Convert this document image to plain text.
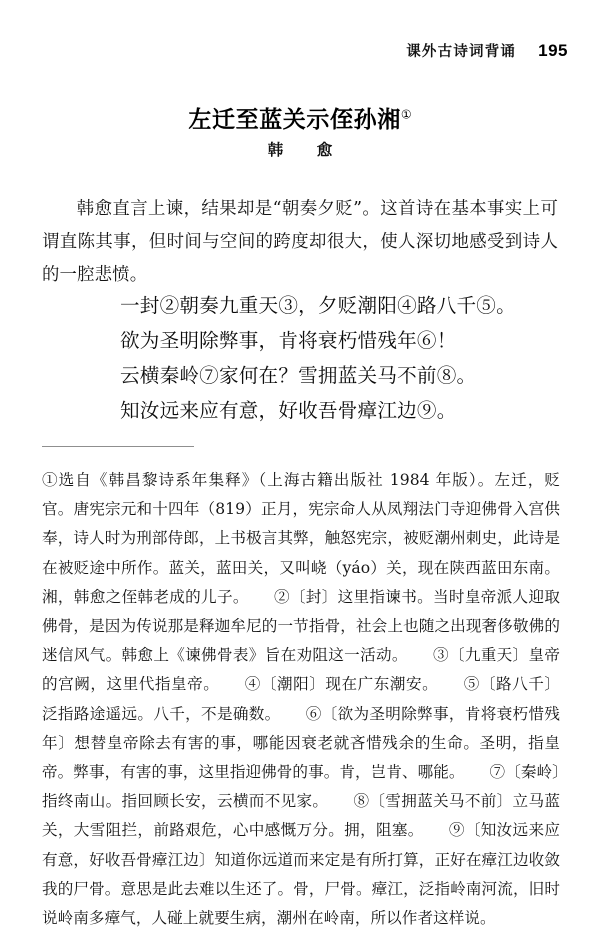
课外古诗词背诵 195
左迁至蓝关示侄孙湘①
韩　愈

韩愈直言上谏，结果却是“朝奏夕贬”。这首诗在基本事实上可谓直陈其事，但时间与空间的跨度却很大，使人深切地感受到诗人的一腔悲愤。

一封②朝奏九重天③，夕贬潮阳④路八千⑤。
欲为圣明除弊事，肯将衰朽惜残年⑥！
云横秦岭⑦家何在？雪拥蓝关马不前⑧。
知汝远来应有意，好收吾骨瘴江边⑨。
①选自《韩昌黎诗系年集释》（上海古籍出版社 1984 年版）。左迁，贬官。唐宪宗元和十四年（819）正月，宪宗命人从凤翔法门寺迎佛骨入宫供奉，诗人时为刑部侍郎，上书极言其弊，触怒宪宗，被贬潮州刺史，此诗是在被贬途中所作。蓝关，蓝田关，又叫峣（yáo）关，现在陕西蓝田东南。湘，韩愈之侄韩老成的儿子。 ②〔封〕这里指谏书。当时皇帝派人迎取佛骨，是因为传说那是释迦牟尼的一节指骨，社会上也随之出现奢侈敬佛的迷信风气。韩愈上《谏佛骨表》旨在劝阻这一活动。 ③〔九重天〕皇帝的宫阙，这里代指皇帝。 ④〔潮阳〕现在广东潮安。 ⑤〔路八千〕泛指路途遥远。八千，不是确数。 ⑥〔欲为圣明除弊事，肯将衰朽惜残年〕想替皇帝除去有害的事，哪能因衰老就吝惜残余的生命。圣明，指皇帝。弊事，有害的事，这里指迎佛骨的事。肯，岂肯、哪能。 ⑦〔秦岭〕指终南山。指回顾长安，云横而不见家。 ⑧〔雪拥蓝关马不前〕立马蓝关，大雪阻拦，前路艰危，心中感慨万分。拥，阻塞。 ⑨〔知汝远来应有意，好收吾骨瘴江边〕知道你远道而来定是有所打算，正好在瘴江边收敛我的尸骨。意思是此去难以生还了。骨，尸骨。瘴江，泛指岭南河流，旧时说岭南多瘴气，人碰上就要生病，潮州在岭南，所以作者这样说。
